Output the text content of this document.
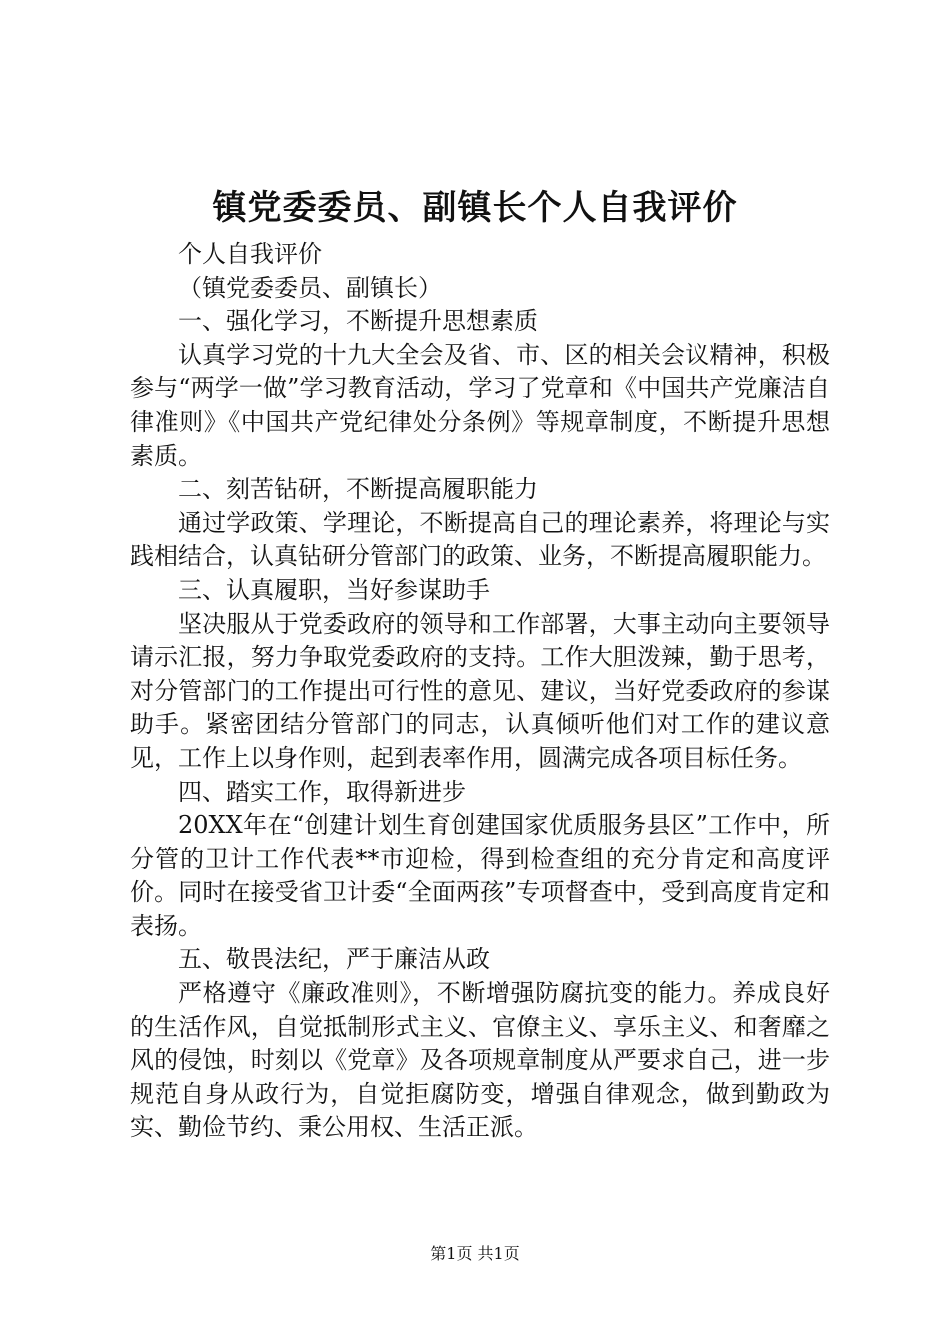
镇党委委员、副镇长个人自我评价

个人自我评价

（镇党委委员、副镇长）

一、强化学习，不断提升思想素质

认真学习党的十九大全会及省、市、区的相关会议精神，积极参与“两学一做”学习教育活动，学习了党章和《中国共产党廉洁自律准则》《中国共产党纪律处分条例》等规章制度，不断提升思想素质。

二、刻苦钻研，不断提高履职能力

通过学政策、学理论，不断提高自己的理论素养，将理论与实践相结合，认真钻研分管部门的政策、业务，不断提高履职能力。

三、认真履职，当好参谋助手

坚决服从于党委政府的领导和工作部署，大事主动向主要领导请示汇报，努力争取党委政府的支持。工作大胆泼辣，勤于思考，对分管部门的工作提出可行性的意见、建议，当好党委政府的参谋助手。紧密团结分管部门的同志，认真倾听他们对工作的建议意见，工作上以身作则，起到表率作用，圆满完成各项目标任务。

四、踏实工作，取得新进步

20XX年在“创建计划生育创建国家优质服务县区”工作中，所分管的卫计工作代表**市迎检，得到检查组的充分肯定和高度评价。同时在接受省卫计委“全面两孩”专项督查中，受到高度肯定和表扬。

五、敬畏法纪，严于廉洁从政

严格遵守《廉政准则》，不断增强防腐抗变的能力。养成良好的生活作风，自觉抵制形式主义、官僚主义、享乐主义、和奢靡之风的侵蚀，时刻以《党章》及各项规章制度从严要求自己，进一步规范自身从政行为，自觉拒腐防变，增强自律观念，做到勤政为实、勤俭节约、秉公用权、生活正派。

第1页 共1页
